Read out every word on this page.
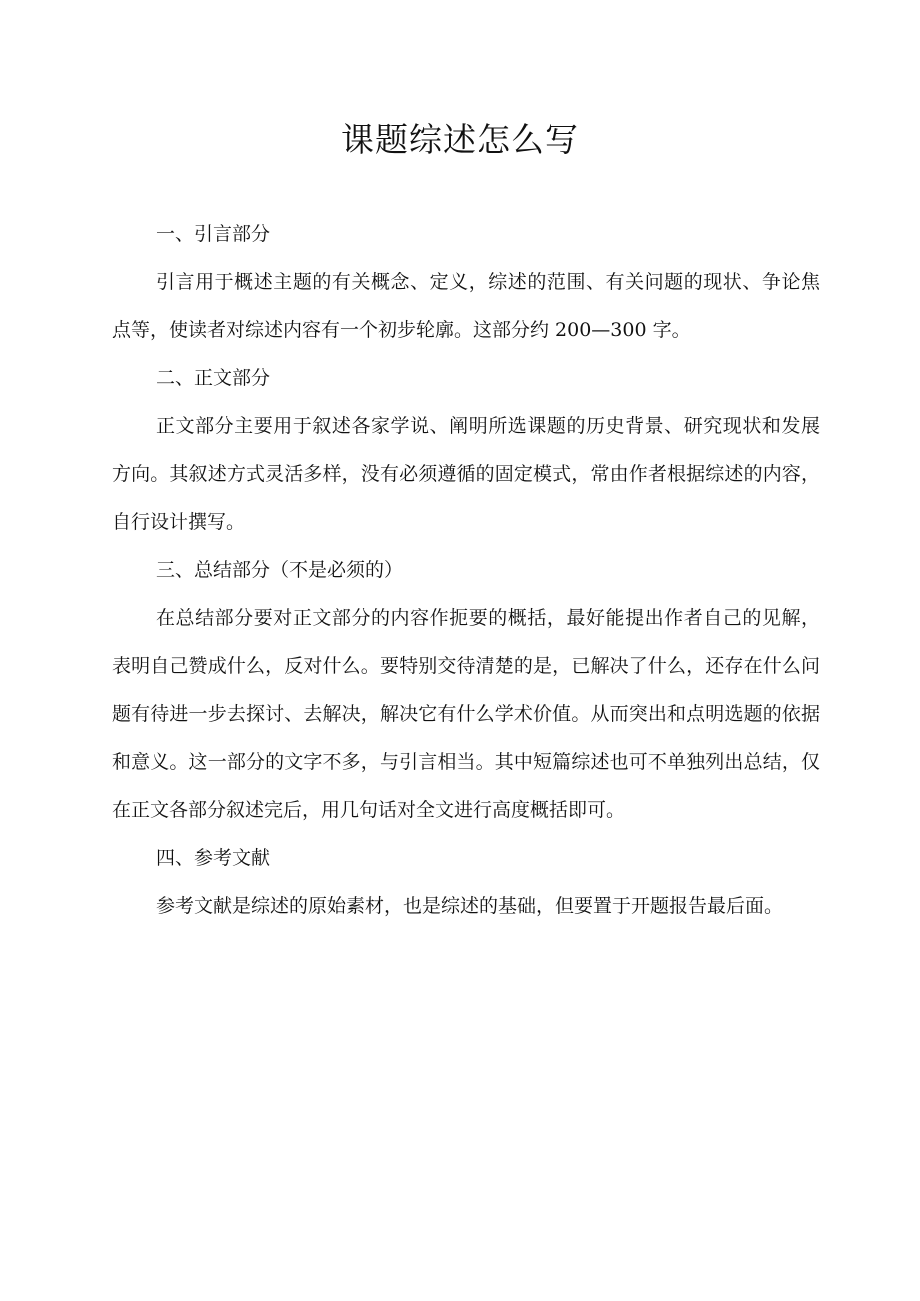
课题综述怎么写

一、引言部分

引言用于概述主题的有关概念、定义，综述的范围、有关问题的现状、争论焦点等，使读者对综述内容有一个初步轮廓。这部分约 200—300 字。

二、正文部分

正文部分主要用于叙述各家学说、阐明所选课题的历史背景、研究现状和发展方向。其叙述方式灵活多样，没有必须遵循的固定模式，常由作者根据综述的内容，自行设计撰写。

三、总结部分（不是必须的）

在总结部分要对正文部分的内容作扼要的概括，最好能提出作者自己的见解，表明自己赞成什么，反对什么。要特别交待清楚的是，已解决了什么，还存在什么问题有待进一步去探讨、去解决，解决它有什么学术价值。从而突出和点明选题的依据和意义。这一部分的文字不多，与引言相当。其中短篇综述也可不单独列出总结，仅在正文各部分叙述完后，用几句话对全文进行高度概括即可。

四、参考文献

参考文献是综述的原始素材，也是综述的基础，但要置于开题报告最后面。
